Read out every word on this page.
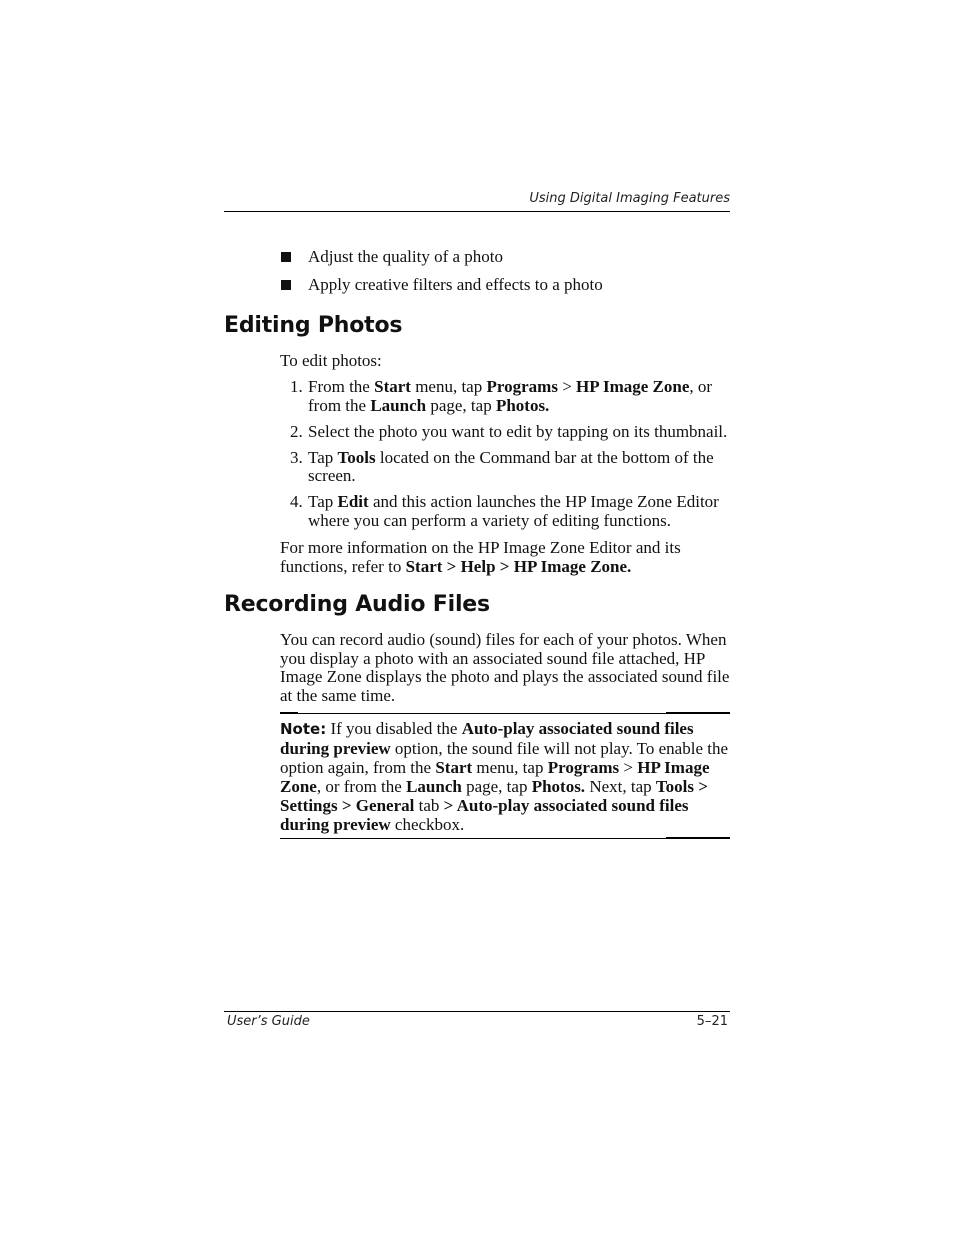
Using Digital Imaging Features
Adjust the quality of a photo
Apply creative filters and effects to a photo
Editing Photos

To edit photos:

1. From the Start menu, tap Programs > HP Image Zone, or from the Launch page, tap Photos.
2. Select the photo you want to edit by tapping on its thumbnail.
3. Tap Tools located on the Command bar at the bottom of the screen.
4. Tap Edit and this action launches the HP Image Zone Editor where you can perform a variety of editing functions.

For more information on the HP Image Zone Editor and its functions, refer to Start > Help > HP Image Zone.

Recording Audio Files

You can record audio (sound) files for each of your photos. When you display a photo with an associated sound file attached, HP Image Zone displays the photo and plays the associated sound file at the same time.

Note: If you disabled the Auto-play associated sound files during preview option, the sound file will not play. To enable the option again, from the Start menu, tap Programs > HP Image Zone, or from the Launch page, tap Photos. Next, tap Tools > Settings > General tab > Auto-play associated sound files during preview checkbox.

User’s Guide	5–21
